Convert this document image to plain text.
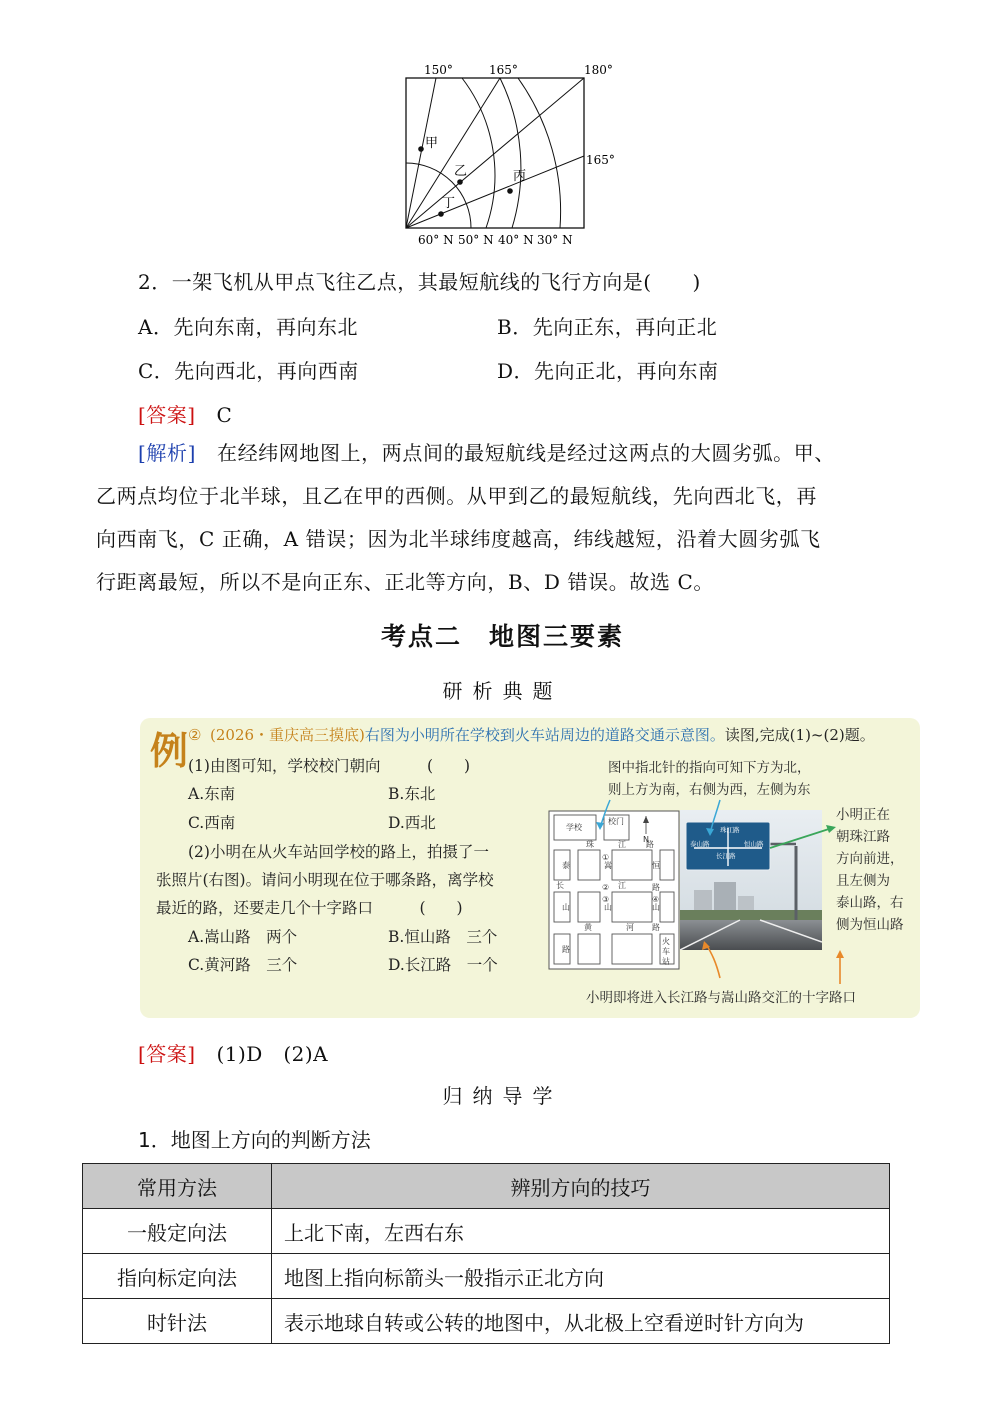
150°	165°	180°
165°
60° N 50° N 40° N 30° N
甲
乙	丙
丁
2．一架飞机从甲点飞往乙点，其最短航线的飞行方向是(　　)
A．先向东南，再向东北	B．先向正东，再向正北
C．先向西北，再向西南	D．先向正北，再向东南
[答案] C
[解析] 在经纬网地图上，两点间的最短航线是经过这两点的大圆劣弧。甲、
乙两点均位于北半球，且乙在甲的西侧。从甲到乙的最短航线，先向西北飞，再
向西南飞，C 正确，A 错误；因为北半球纬度越高，纬线越短，沿着大圆劣弧飞
行距离最短，所以不是向正东、正北等方向，B、D 错误。故选 C。
考点二　地图三要素
研析典题
例 ② (2026・重庆高三摸底)右图为小明所在学校到火车站周边的道路交通示意图。读图,完成(1)~(2)题。
(1)由图可知，学校校门朝向　　　(　　)
A.东南	B.东北
C.西南	D.西北
(2)小明在从火车站回学校的路上，拍摄了一
张照片(右图)。请问小明现在位于哪条路，离学校
最近的路，还要走几个十字路口　　　(　　)
A.嵩山路　两个	B.恒山路　三个
C.黄河路　三个	D.长江路　一个
图中指北针的指向可知下方为北，
则上方为南，右侧为西，左侧为东
小明正在
朝珠江路
方向前进，
且左侧为
泰山路，右
侧为恒山路
小明即将进入长江路与嵩山路交汇的十字路口
学校
校门
N
珠	江	路
长	江
黄	河 路
泰
山
路
恒
山
路
嵩
山
火
车
站
①
②
③	④
珠江路
泰山路
长江路
恒山路
[答案] (1)D　(2)A
归纳导学
1．地图上方向的判断方法
常用方法	辨别方向的技巧
一般定向法	上北下南，左西右东
指向标定向法	地图上指向标箭头一般指示正北方向
时针法	表示地球自转或公转的地图中，从北极上空看逆时针方向为
